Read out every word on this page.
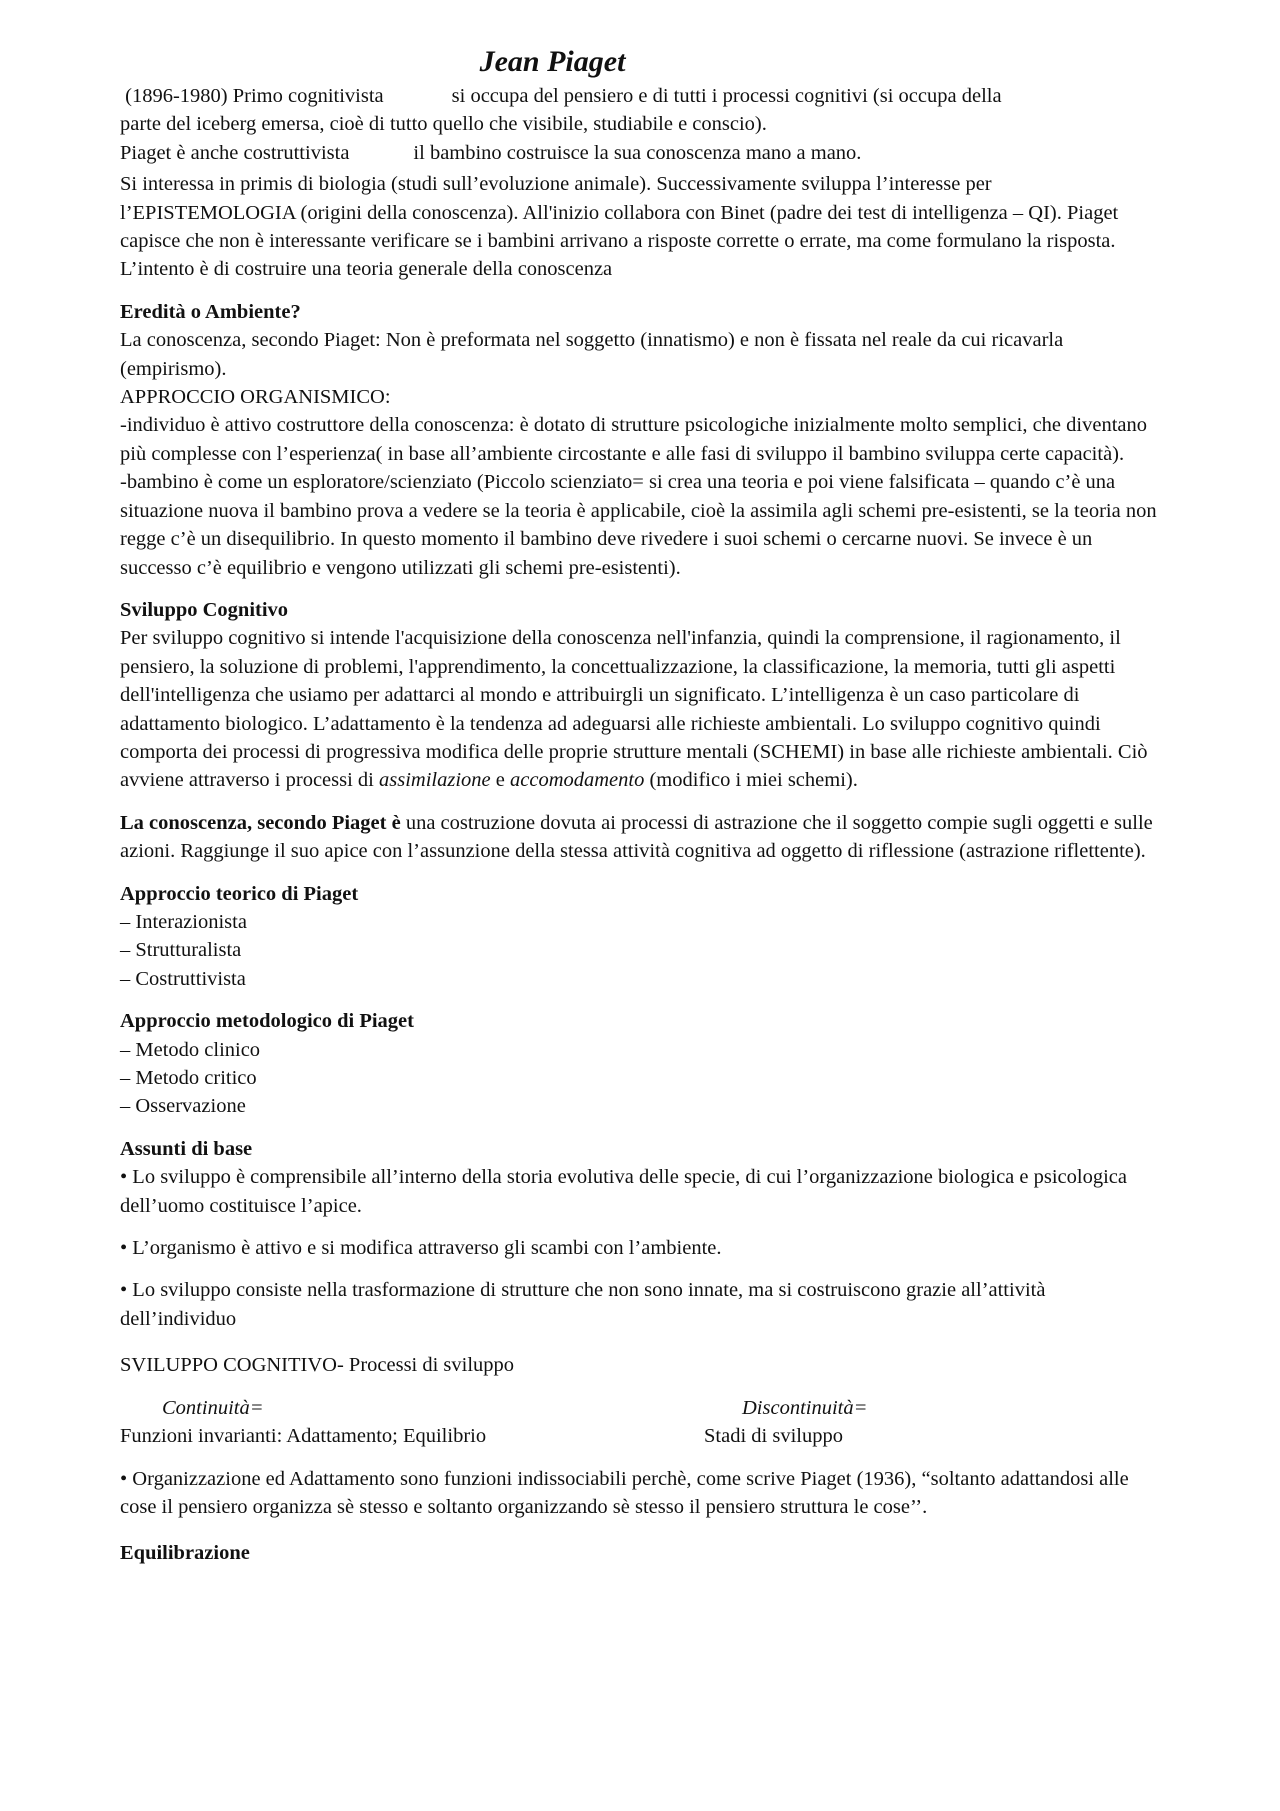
Jean Piaget

(1896-1980) Primo cognitivista	si occupa del pensiero e di tutti i processi cognitivi (si occupa della

parte del iceberg emersa, cioè di tutto quello che visibile, studiabile e conscio).

Piaget è anche costruttivista	il bambino costruisce la sua conoscenza mano a mano.

Si interessa in primis di biologia (studi sull’evoluzione animale). Successivamente sviluppa l’interesse per l’EPISTEMOLOGIA (origini della conoscenza). All'inizio collabora con Binet (padre dei test di intelligenza – QI). Piaget capisce che non è interessante verificare se i bambini arrivano a risposte corrette o errate, ma come formulano la risposta. L’intento è di costruire una teoria generale della conoscenza

Eredità o Ambiente?

La conoscenza, secondo Piaget: Non è preformata nel soggetto (innatismo) e non è fissata nel reale da cui ricavarla (empirismo).

APPROCCIO ORGANISMICO:

-individuo è attivo costruttore della conoscenza: è dotato di strutture psicologiche inizialmente molto semplici, che diventano più complesse con l’esperienza( in base all’ambiente circostante e alle fasi di sviluppo il bambino sviluppa certe capacità).

-bambino è come un esploratore/scienziato (Piccolo scienziato= si crea una teoria e poi viene falsificata – quando c’è una situazione nuova il bambino prova a vedere se la teoria è applicabile, cioè la assimila agli schemi pre-esistenti, se la teoria non regge c’è un disequilibrio. In questo momento il bambino deve rivedere i suoi schemi o cercarne nuovi. Se invece è un successo c’è equilibrio e vengono utilizzati gli schemi pre-esistenti).

Sviluppo Cognitivo

Per sviluppo cognitivo si intende l'acquisizione della conoscenza nell'infanzia, quindi la comprensione, il ragionamento, il pensiero, la soluzione di problemi, l'apprendimento, la concettualizzazione, la classificazione, la memoria, tutti gli aspetti dell'intelligenza che usiamo per adattarci al mondo e attribuirgli un significato. L’intelligenza è un caso particolare di adattamento biologico. L’adattamento è la tendenza ad adeguarsi alle richieste ambientali. Lo sviluppo cognitivo quindi comporta dei processi di progressiva modifica delle proprie strutture mentali (SCHEMI) in base alle richieste ambientali. Ciò avviene attraverso i processi di assimilazione e accomodamento (modifico i miei schemi).

La conoscenza, secondo Piaget è una costruzione dovuta ai processi di astrazione che il soggetto compie sugli oggetti e sulle azioni. Raggiunge il suo apice con l’assunzione della stessa attività cognitiva ad oggetto di riflessione (astrazione riflettente).

Approccio teorico di Piaget

– Interazionista
– Strutturalista
– Costruttivista

Approccio metodologico di Piaget

– Metodo clinico
– Metodo critico
– Osservazione

Assunti di base

• Lo sviluppo è comprensibile all’interno della storia evolutiva delle specie, di cui l’organizzazione biologica e psicologica dell’uomo costituisce l’apice.

• L’organismo è attivo e si modifica attraverso gli scambi con l’ambiente.

• Lo sviluppo consiste nella trasformazione di strutture che non sono innate, ma si costruiscono grazie all’attività dell’individuo

SVILUPPO COGNITIVO- Processi di sviluppo

Continuità=
Funzioni invarianti: Adattamento; Equilibrio
Discontinuità=
Stadi di sviluppo

• Organizzazione ed Adattamento sono funzioni indissociabili perchè, come scrive Piaget (1936), “soltanto adattandosi alle cose il pensiero organizza sè stesso e soltanto organizzando sè stesso il pensiero struttura le cose’’.

Equilibrazione
